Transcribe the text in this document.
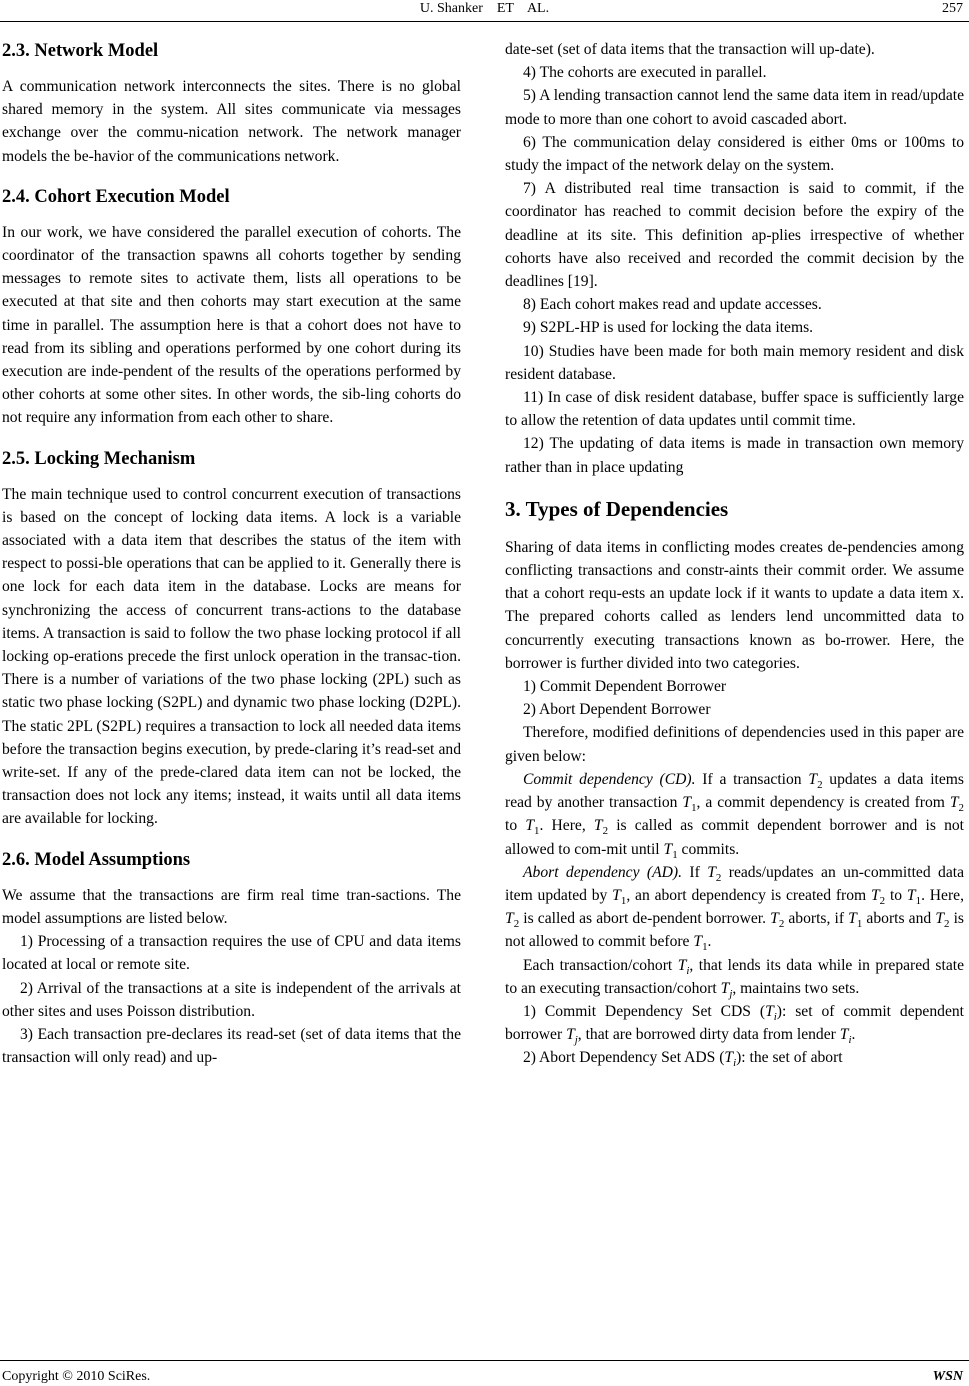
U. Shanker    ET    AL.	257
2.3. Network Model

A communication network interconnects the sites. There is no global shared memory in the system. All sites communicate via messages exchange over the commu-nication network. The network manager models the be-havior of the communications network.

2.4. Cohort Execution Model

In our work, we have considered the parallel execution of cohorts. The coordinator of the transaction spawns all cohorts together by sending messages to remote sites to activate them, lists all operations to be executed at that site and then cohorts may start execution at the same time in parallel. The assumption here is that a cohort does not have to read from its sibling and operations performed by one cohort during its execution are inde-pendent of the results of the operations performed by other cohorts at some other sites. In other words, the sib-ling cohorts do not require any information from each other to share.

2.5. Locking Mechanism

The main technique used to control concurrent execution of transactions is based on the concept of locking data items. A lock is a variable associated with a data item that describes the status of the item with respect to possi-ble operations that can be applied to it. Generally there is one lock for each data item in the database. Locks are means for synchronizing the access of concurrent trans-actions to the database items. A transaction is said to follow the two phase locking protocol if all locking op-erations precede the first unlock operation in the transac-tion. There is a number of variations of the two phase locking (2PL) such as static two phase locking (S2PL) and dynamic two phase locking (D2PL). The static 2PL (S2PL) requires a transaction to lock all needed data items before the transaction begins execution, by prede-claring it’s read-set and write-set. If any of the prede-clared data item can not be locked, the transaction does not lock any items; instead, it waits until all data items are available for locking.

2.6. Model Assumptions

We assume that the transactions are firm real time tran-sactions. The model assumptions are listed below.

1) Processing of a transaction requires the use of CPU and data items located at local or remote site.

2) Arrival of the transactions at a site is independent of the arrivals at other sites and uses Poisson distribution.

3) Each transaction pre-declares its read-set (set of data items that the transaction will only read) and up-

date-set (set of data items that the transaction will up-date).

4) The cohorts are executed in parallel.

5) A lending transaction cannot lend the same data item in read/update mode to more than one cohort to avoid cascaded abort.

6) The communication delay considered is either 0ms or 100ms to study the impact of the network delay on the system.

7) A distributed real time transaction is said to commit, if the coordinator has reached to commit decision before the expiry of the deadline at its site. This definition ap-plies irrespective of whether cohorts have also received and recorded the commit decision by the deadlines [19].

8) Each cohort makes read and update accesses.

9) S2PL-HP is used for locking the data items.

10) Studies have been made for both main memory resident and disk resident database.

11) In case of disk resident database, buffer space is sufficiently large to allow the retention of data updates until commit time.

12) The updating of data items is made in transaction own memory rather than in place updating

3. Types of Dependencies

Sharing of data items in conflicting modes creates de-pendencies among conflicting transactions and constr-aints their commit order. We assume that a cohort requ-ests an update lock if it wants to update a data item x. The prepared cohorts called as lenders lend uncommitted data to concurrently executing transactions known as bo-rrower. Here, the borrower is further divided into two categories.

1) Commit Dependent Borrower

2) Abort Dependent Borrower

Therefore, modified definitions of dependencies used in this paper are given below:

Commit dependency (CD). If a transaction $T_2$ updates a data items read by another transaction $T_1$, a commit dependency is created from $T_2$ to $T_1$. Here, $T_2$ is called as commit dependent borrower and is not allowed to com-mit until $T_1$ commits.

Abort dependency (AD). If $T_2$ reads/updates an un-committed data item updated by $T_1$, an abort dependency is created from $T_2$ to $T_1$. Here, $T_2$ is called as abort de-pendent borrower. $T_2$ aborts, if $T_1$ aborts and $T_2$ is not allowed to commit before $T_1$.

Each transaction/cohort $T_i$, that lends its data while in prepared state to an executing transaction/cohort $T_j$, maintains two sets.

1) Commit Dependency Set CDS $(T_i)$: set of commit dependent borrower $T_j$, that are borrowed dirty data from lender $T_i$.

2) Abort Dependency Set ADS $(T_i)$: the set of abort

Copyright © 2010 SciRes.	WSN
